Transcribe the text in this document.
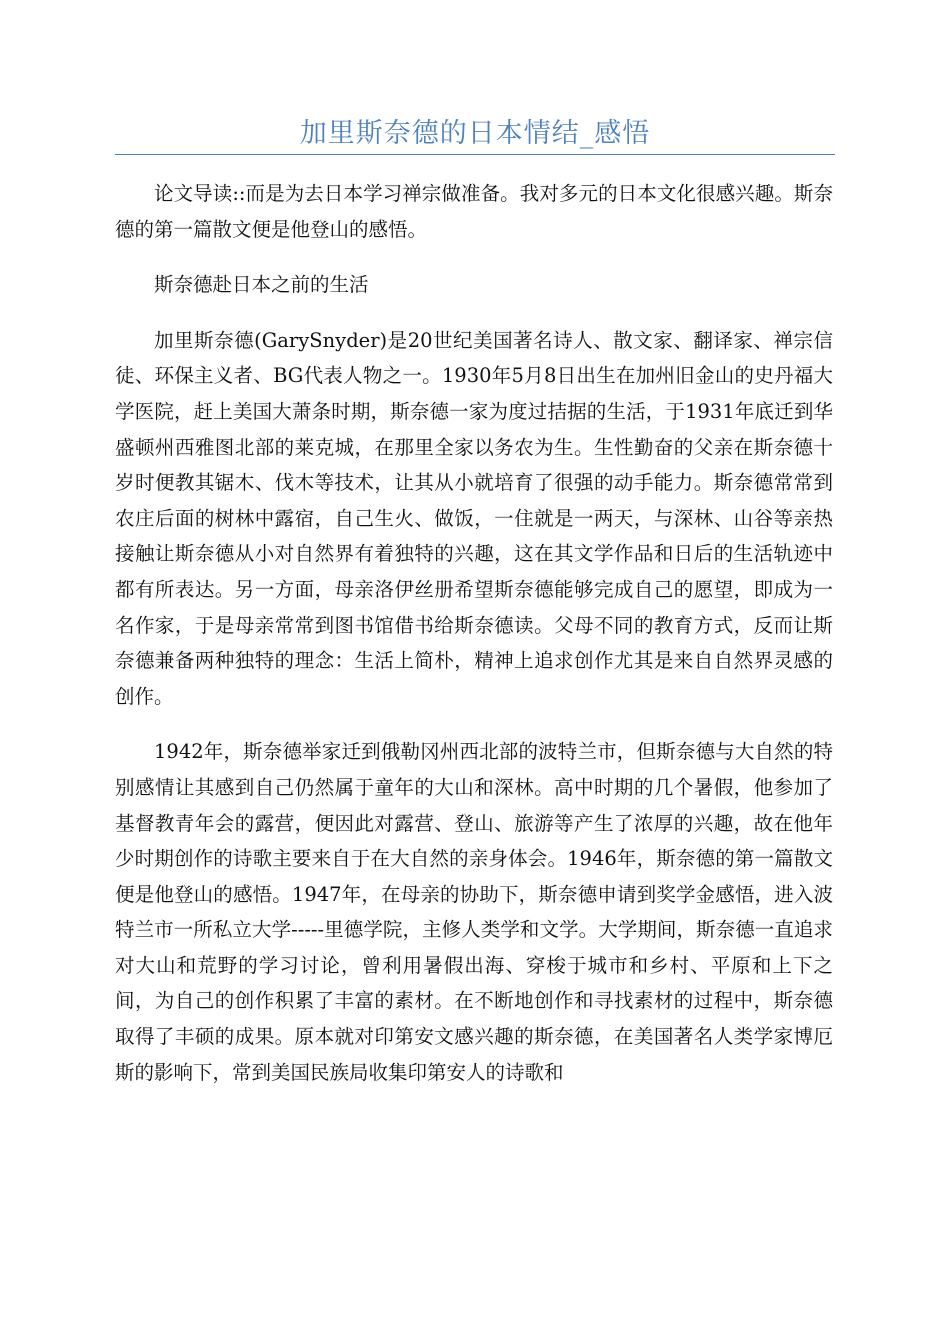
加里斯奈德的日本情结_感悟

论文导读::而是为去日本学习禅宗做准备。我对多元的日本文化很感兴趣。斯奈德的第一篇散文便是他登山的感悟。

斯奈德赴日本之前的生活

加里斯奈德(GarySnyder)是20世纪美国著名诗人、散文家、翻译家、禅宗信徒、环保主义者、BG代表人物之一。1930年5月8日出生在加州旧金山的史丹福大学医院，赶上美国大萧条时期，斯奈德一家为度过拮据的生活，于1931年底迁到华盛顿州西雅图北部的莱克城，在那里全家以务农为生。生性勤奋的父亲在斯奈德十岁时便教其锯木、伐木等技术，让其从小就培育了很强的动手能力。斯奈德常常到农庄后面的树林中露宿，自己生火、做饭，一住就是一两天，与深林、山谷等亲热接触让斯奈德从小对自然界有着独特的兴趣，这在其文学作品和日后的生活轨迹中都有所表达。另一方面，母亲洛伊丝册希望斯奈德能够完成自己的愿望，即成为一名作家，于是母亲常常到图书馆借书给斯奈德读。父母不同的教育方式，反而让斯奈德兼备两种独特的理念：生活上简朴，精神上追求创作尤其是来自自然界灵感的创作。

1942年，斯奈德举家迁到俄勒冈州西北部的波特兰市，但斯奈德与大自然的特别感情让其感到自己仍然属于童年的大山和深林。高中时期的几个暑假，他参加了基督教青年会的露营，便因此对露营、登山、旅游等产生了浓厚的兴趣，故在他年少时期创作的诗歌主要来自于在大自然的亲身体会。1946年，斯奈德的第一篇散文便是他登山的感悟。1947年，在母亲的协助下，斯奈德申请到奖学金感悟，进入波特兰市一所私立大学-----里德学院，主修人类学和文学。大学期间，斯奈德一直追求对大山和荒野的学习讨论，曾利用暑假出海、穿梭于城市和乡村、平原和上下之间，为自己的创作积累了丰富的素材。在不断地创作和寻找素材的过程中，斯奈德取得了丰硕的成果。原本就对印第安文感兴趣的斯奈德，在美国著名人类学家博厄斯的影响下，常到美国民族局收集印第安人的诗歌和
